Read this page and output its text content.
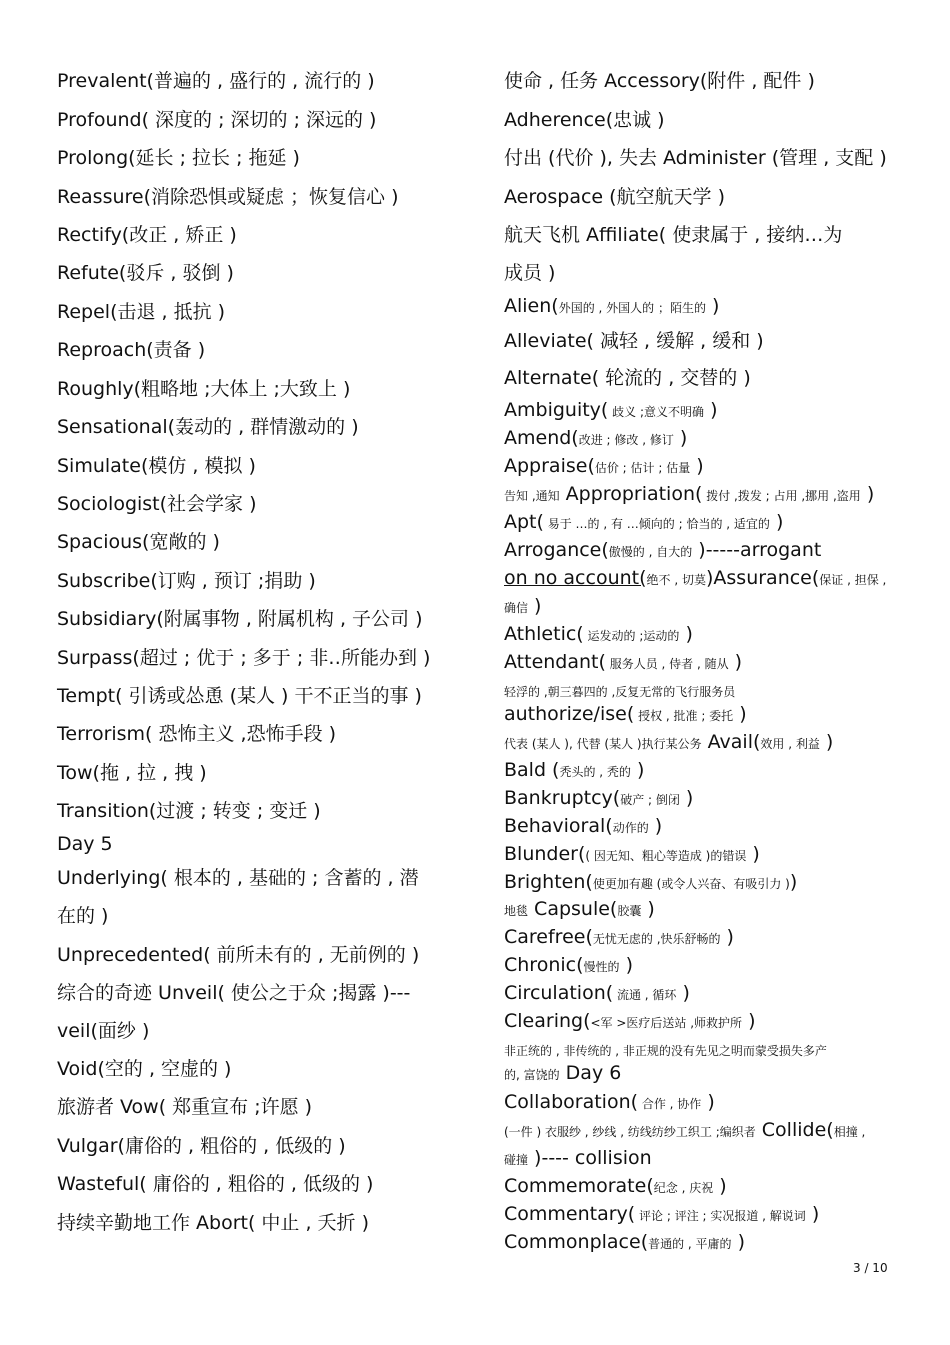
Prevalent(普遍的 , 盛行的 , 流行的 )
Profound( 深度的 ; 深切的 ; 深远的 )
Prolong(延长 ; 拉长 ; 拖延 )
Reassure(消除恐惧或疑虑 ；恢复信心 )
Rectify(改正 , 矫正 )
Refute(驳斥 , 驳倒 )
Repel(击退 , 抵抗 )
Reproach(责备 )
Roughly(粗略地 ;大体上 ;大致上 )
Sensational(轰动的 , 群情激动的 )
Simulate(模仿 , 模拟 )
Sociologist(社会学家 )
Spacious(宽敞的 )
Subscribe(订购 , 预订 ;捐助 )
Subsidiary(附属事物 , 附属机构 , 子公司 )
Surpass(超过 ; 优于 ; 多于 ; 非‥所能办到 )
Tempt( 引诱或怂恿 (某人 ) 干不正当的事 )
Terrorism( 恐怖主义 ,恐怖手段 )
Tow(拖 , 拉 , 拽 )
Transition(过渡 ; 转变 ; 变迁 )
Day 5
Underlying( 根本的 , 基础的 ; 含蓄的 , 潜
在的 )
Unprecedented( 前所未有的 , 无前例的 )
综合的奇迹 Unveil( 使公之于众 ;揭露 )---
veil(面纱 )
Void(空的 , 空虚的 )
旅游者 Vow( 郑重宣布 ;许愿 )
Vulgar(庸俗的 , 粗俗的 , 低级的 )
Wasteful( 庸俗的 , 粗俗的 , 低级的 )
持续辛勤地工作 Abort( 中止 , 夭折 )
使命 , 任务 Accessory(附件 , 配件 )
Adherence(忠诚 )
付出 (代价 ), 失去 Administer (管理 , 支配 )
Aerospace (航空航天学 )
航天飞机 Affiliate( 使隶属于 , 接纳…为
成员 )
Alien(外国的 , 外国人的 ；陌生的 )
Alleviate( 减轻 , 缓解 , 缓和 )
Alternate( 轮流的 , 交替的 )
Ambiguity( 歧义 ;意义不明确 )
Amend(改进 ; 修改 , 修订 )
Appraise(估价 ; 估计 ; 估量 )
告知 ,通知 Appropriation( 拨付 ,拨发 ; 占用 ,挪用 ,盗用 )
Apt( 易于 …的 , 有 …倾向的 ; 恰当的 , 适宜的 )
Arrogance(傲慢的 , 自大的 )-----arrogant
on no account(绝不 , 切莫)Assurance(保证 , 担保 ,
确信 )
Athletic( 运发动的 ;运动的 )
Attendant( 服务人员 , 侍者 , 随从 )
轻浮的 ,朝三暮四的 ,反复无常的飞行服务员
authorize/ise( 授权 , 批准 ; 委托 )
代表 (某人 ), 代替 (某人 )执行某公务 Avail(效用 , 利益 )
Bald (秃头的 , 秃的 )
Bankruptcy(破产 ; 倒闭 )
Behavioral(动作的 )
Blunder(( 因无知、粗心等造成 )的错误 )
Brighten(使更加有趣 (或令人兴奋、有吸引力 ))
地毯 Capsule(胶囊 )
Carefree(无忧无虑的 ,快乐舒畅的 )
Chronic(慢性的 )
Circulation( 流通 , 循环 )
Clearing(<军 >医疗后送站 ,师救护所 )
非正统的 , 非传统的 , 非正规的没有先见之明而蒙受损失多产
的, 富饶的 Day 6
Collaboration( 合作 , 协作 )
(一件 ) 衣服纱 , 纱线 , 纺线纺纱工织工 ;编织者 Collide(相撞 ,
碰撞 )---- collision
Commemorate(纪念 , 庆祝 )
Commentary( 评论 ; 评注 ; 实况报道 , 解说词 )
Commonplace(普通的 , 平庸的 )
3 / 10
